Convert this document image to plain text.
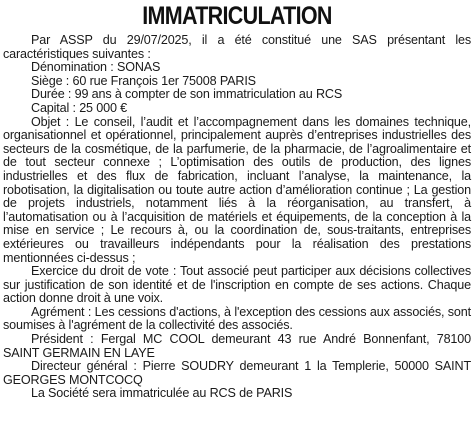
IMMATRICULATION

Par ASSP du 29/07/2025, il a été constitué une SAS présentant les caractéristiques suivantes :

Dénomination : SONAS

Siège : 60 rue François 1er 75008 PARIS

Durée : 99 ans à compter de son immatriculation au RCS

Capital : 25 000 €

Objet : Le conseil, l’audit et l’accompagnement dans les domaines technique, organisationnel et opérationnel, principalement auprès d’entreprises industrielles des secteurs de la cosmétique, de la parfumerie, de la pharmacie, de l’agroalimentaire et de tout secteur connexe ; L’optimisation des outils de production, des lignes industrielles et des flux de fabrication, incluant l’analyse, la maintenance, la robotisation, la digitalisation ou toute autre action d’amélioration continue ; La gestion de projets industriels, notamment liés à la réorganisation, au transfert, à l’automatisation ou à l’acquisition de matériels et équipements, de la conception à la mise en service ; Le recours à, ou la coordination de, sous-traitants, entreprises extérieures ou travailleurs indépendants pour la réalisation des prestations mentionnées ci-dessus ;

Exercice du droit de vote : Tout associé peut participer aux décisions collectives sur justification de son identité et de l'inscription en compte de ses actions. Chaque action donne droit à une voix.

Agrément : Les cessions d'actions, à l'exception des cessions aux associés, sont soumises à l'agrément de la collectivité des associés.

Président : Fergal MC COOL demeurant 43 rue André Bonnenfant, 78100 SAINT GERMAIN EN LAYE

Directeur général : Pierre SOUDRY demeurant 1 la Templerie, 50000 SAINT GEORGES MONTCOCQ

La Société sera immatriculée au RCS de PARIS
